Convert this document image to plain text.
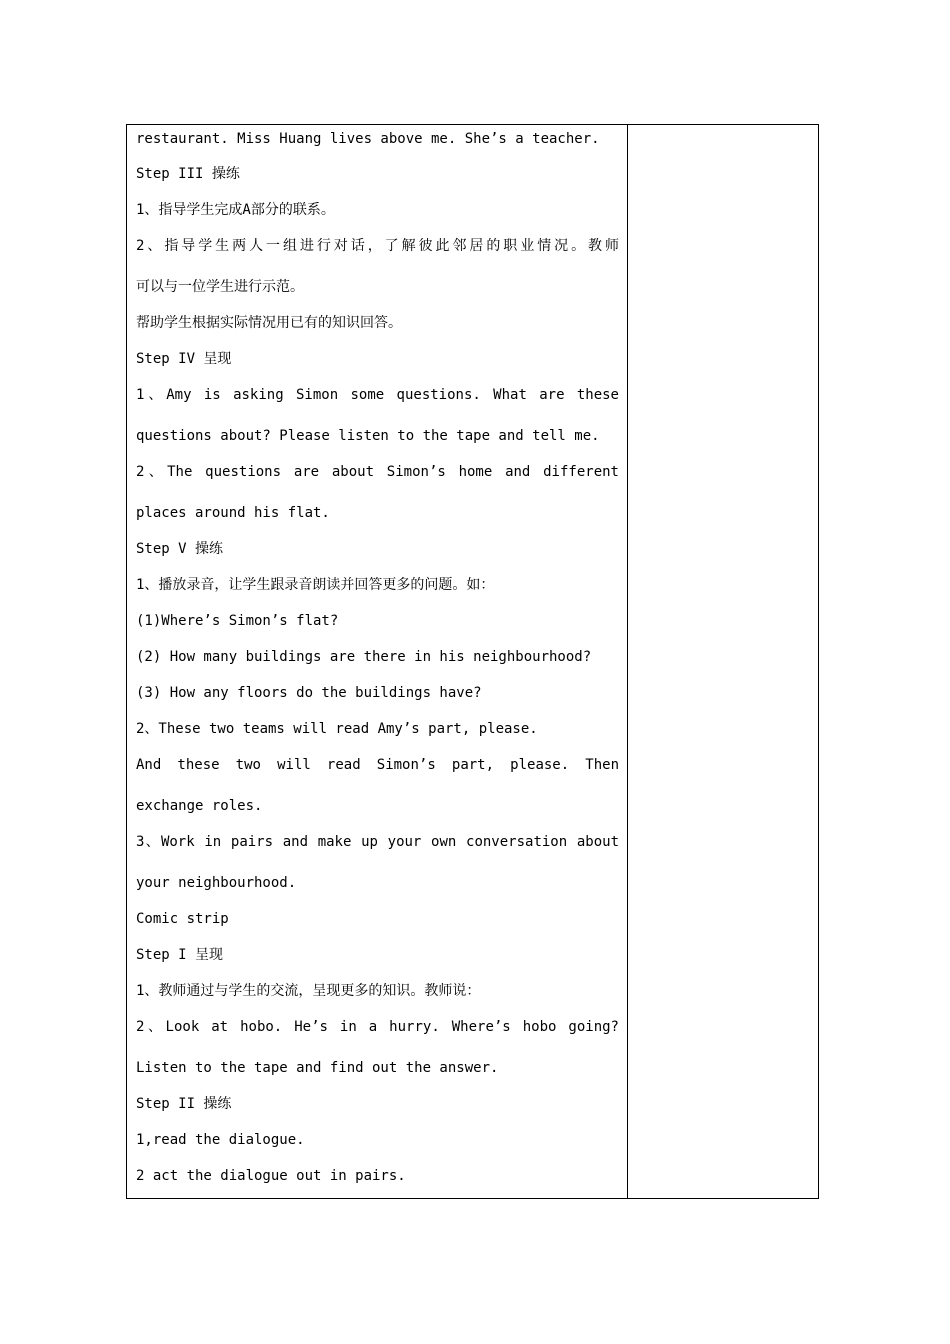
restaurant. Miss Huang lives above me. She’s a teacher.
Step III 操练
1、指导学生完成A部分的联系。
2、指导学生两人一组进行对话，了解彼此邻居的职业情况。教师
可以与一位学生进行示范。
帮助学生根据实际情况用已有的知识回答。
Step IV 呈现
1、Amy is asking Simon some questions. What are these
questions about? Please listen to the tape and tell me.
2、The questions are about Simon’s home and different
places around his flat.
Step V 操练
1、播放录音，让学生跟录音朗读并回答更多的问题。如：
(1)Where’s Simon’s flat?
(2) How many buildings are there in his neighbourhood?
(3) How any floors do the buildings have?
2、These two teams will read Amy’s part, please.
And these two will read Simon’s part, please. Then
exchange roles.
3、Work in pairs and make up your own conversation about
your neighbourhood.
Comic strip
Step I 呈现
1、教师通过与学生的交流，呈现更多的知识。教师说：
2、Look at hobo. He’s in a hurry. Where’s hobo going?
Listen to the tape and find out the answer.
Step II 操练
1,read the dialogue.
2 act the dialogue out in pairs.
